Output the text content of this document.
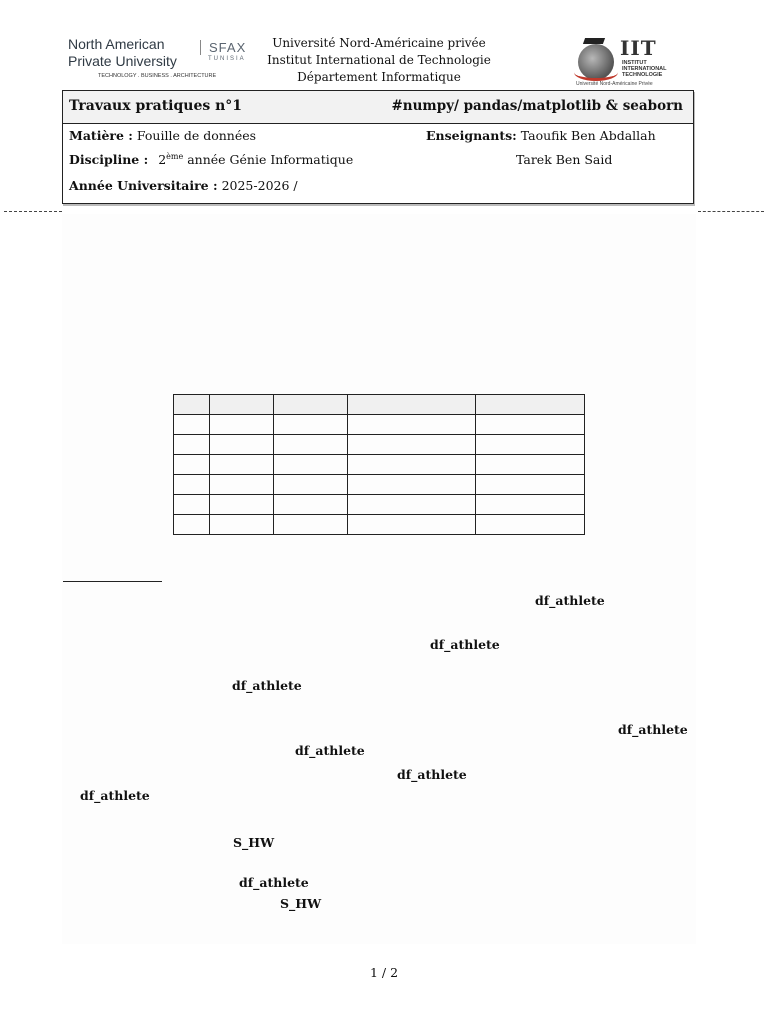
North American
Private University
SFAX
TUNISIA
TECHNOLOGY . BUSINESS . ARCHITECTURE
Université Nord-Américaine privée
Institut International de Technologie
Département Informatique
IIT
INSTITUT
INTERNATIONAL
TECHNOLOGIE
Université Nord-Américaine Privée
Travaux pratiques n°1	#numpy/ pandas/matplotlib & seaborn
Matière : Fouille de données	Enseignants: Taoufik Ben Abdallah
Tarek Ben Said
Discipline : 2ème année Génie Informatique
Année Universitaire : 2025-2026 /

df_athlete
df_athlete
df_athlete
df_athlete
df_athlete
df_athlete
df_athlete
S_HW
df_athlete
S_HW
1 / 2
